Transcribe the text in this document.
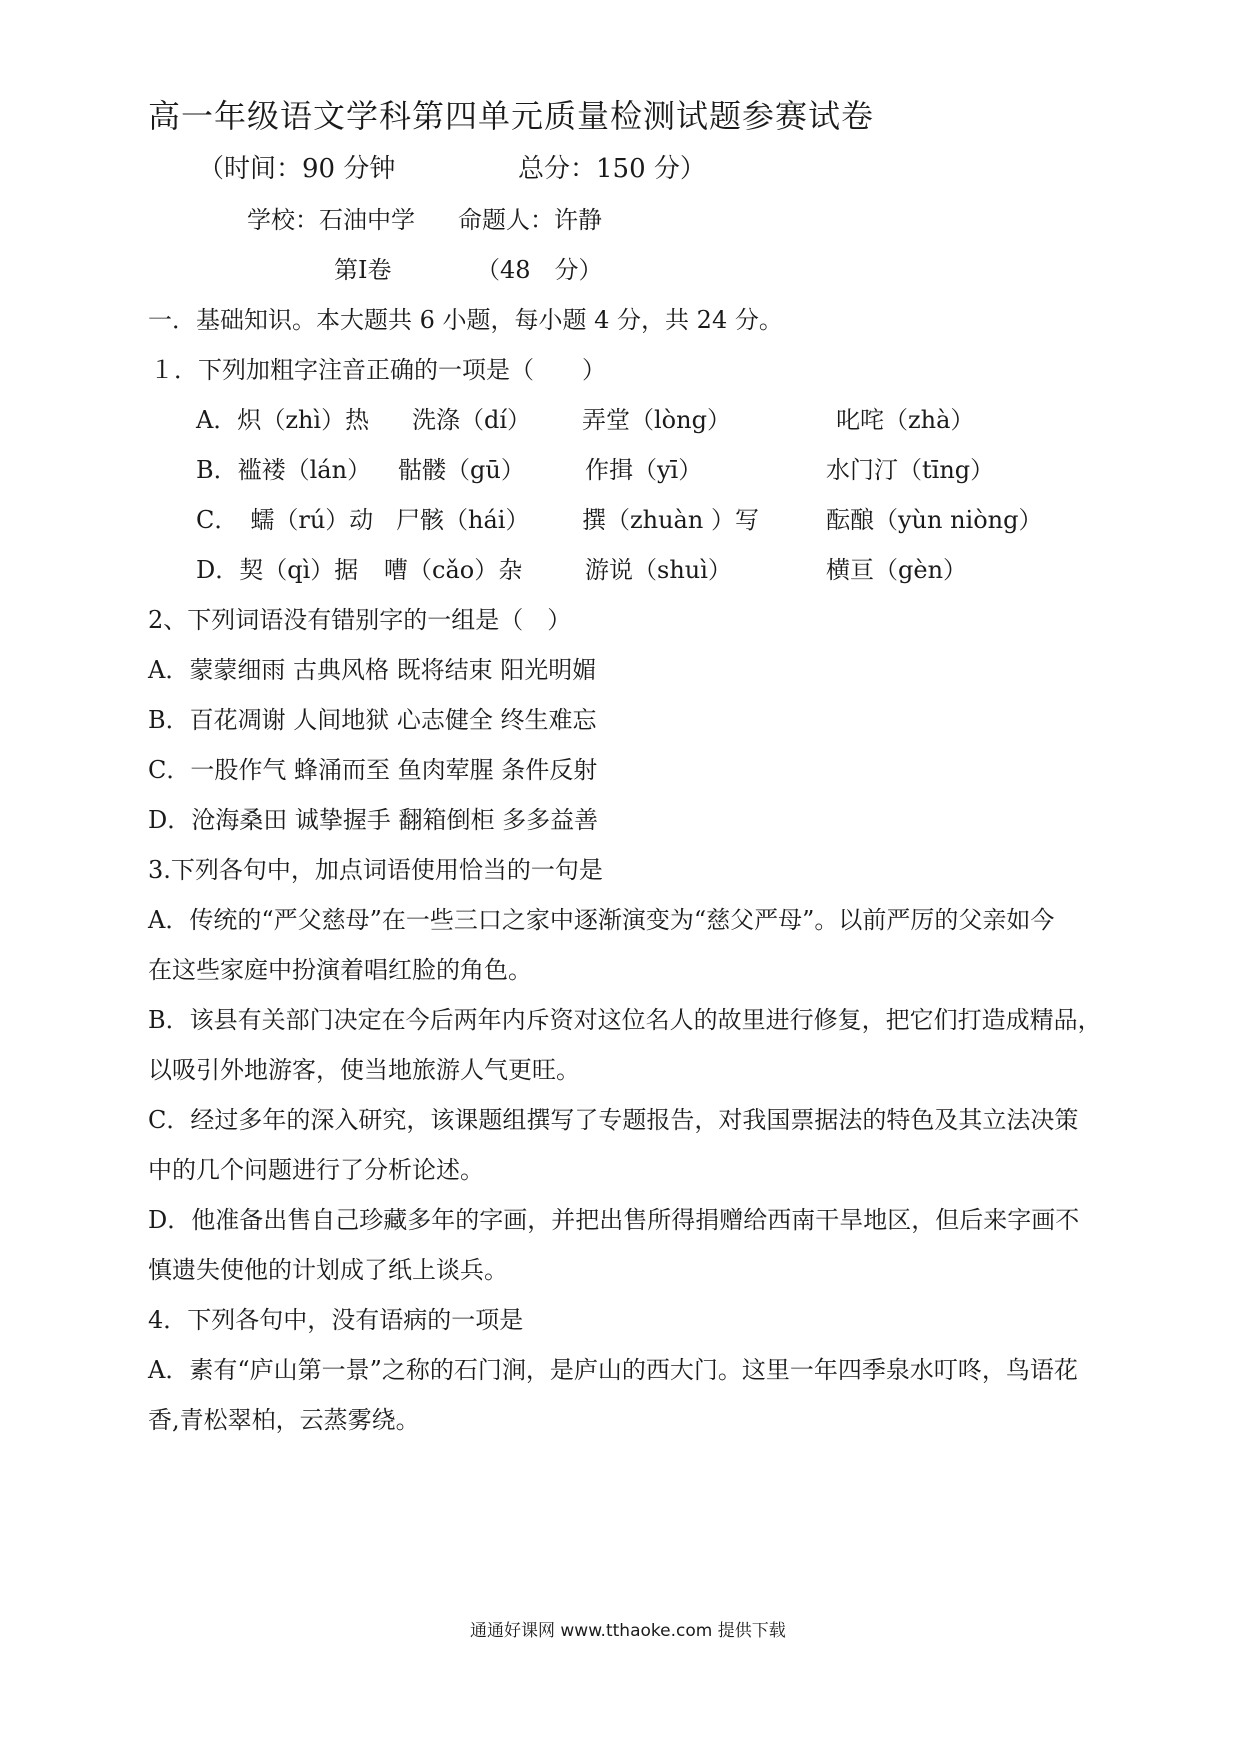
高一年级语文学科第四单元质量检测试题参赛试卷
（时间：90 分钟	总分：150 分）
学校：石油中学 命题人：许静
第Ⅰ卷	（48　分）
一．基础知识。本大题共 6 小题，每小题 4 分，共 24 分。
１．下列加粗字注音正确的一项是（　　）
A．炽（zhì）热 洗涤（dí） 弄堂（lòng）	叱咤（zhà）
B．褴褛（lán） 骷髅（gū）	作揖（yī）	水门汀（tīng）
C．　蠕（rú）动 尸骸（hái） 撰（zhuàn ）写	酝酿（yùn niòng）
D．契（qì）据 嘈（cǎo）杂	游说（shuì）	横亘（gèn）
2、下列词语没有错别字的一组是（　）
A．蒙蒙细雨 古典风格 既将结束 阳光明媚
B．百花凋谢 人间地狱 心志健全 终生难忘
C．一股作气 蜂涌而至 鱼肉荤腥 条件反射
D．沧海桑田 诚挚握手 翻箱倒柜 多多益善
3.下列各句中，加点词语使用恰当的一句是
A．传统的“严父慈母”在一些三口之家中逐渐演变为“慈父严母”。以前严厉的父亲如今
在这些家庭中扮演着唱红脸的角色。
B．该县有关部门决定在今后两年内斥资对这位名人的故里进行修复，把它们打造成精品，
以吸引外地游客，使当地旅游人气更旺。
C．经过多年的深入研究，该课题组撰写了专题报告，对我国票据法的特色及其立法决策
中的几个问题进行了分析论述。
D．他准备出售自己珍藏多年的字画，并把出售所得捐赠给西南干旱地区，但后来字画不
慎遗失使他的计划成了纸上谈兵。
4．下列各句中，没有语病的一项是
A．素有“庐山第一景”之称的石门涧，是庐山的西大门。这里一年四季泉水叮咚，鸟语花
香,青松翠柏，云蒸雾绕。
通通好课网 www.tthaoke.com 提供下载
